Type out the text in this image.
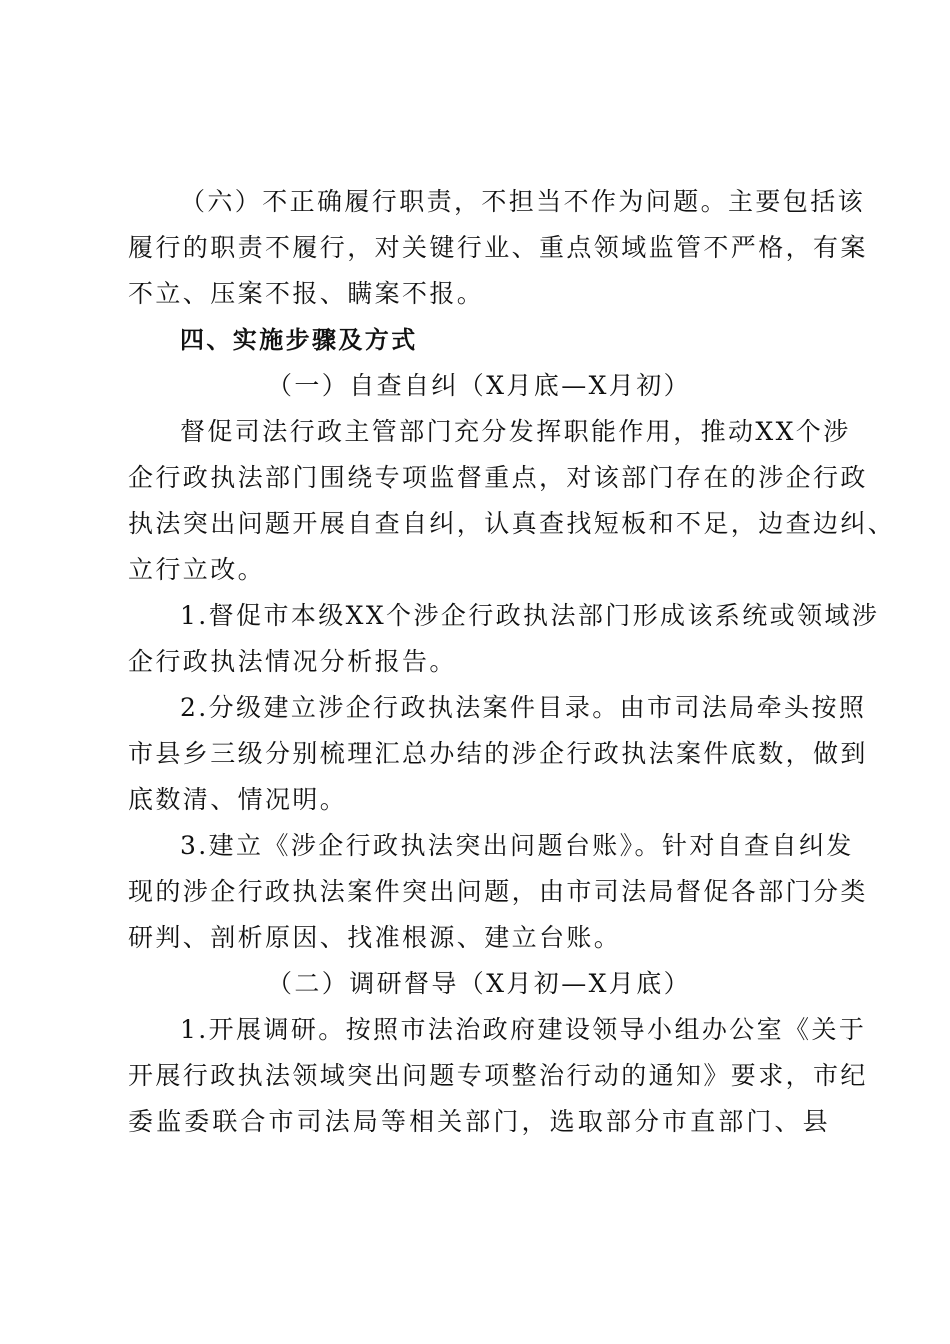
（六）不正确履行职责，不担当不作为问题。主要包括该
履行的职责不履行，对关键行业、重点领域监管不严格，有案
不立、压案不报、瞒案不报。
四、实施步骤及方式
（一）自查自纠（X月底—X月初）
督促司法行政主管部门充分发挥职能作用，推动XX个涉
企行政执法部门围绕专项监督重点，对该部门存在的涉企行政
执法突出问题开展自查自纠，认真查找短板和不足，边查边纠、
立行立改。
1.督促市本级XX个涉企行政执法部门形成该系统或领域涉
企行政执法情况分析报告。
2.分级建立涉企行政执法案件目录。由市司法局牵头按照
市县乡三级分别梳理汇总办结的涉企行政执法案件底数，做到
底数清、情况明。
3.建立《涉企行政执法突出问题台账》。针对自查自纠发
现的涉企行政执法案件突出问题，由市司法局督促各部门分类
研判、剖析原因、找准根源、建立台账。
（二）调研督导（X月初—X月底）
1.开展调研。按照市法治政府建设领导小组办公室《关于
开展行政执法领域突出问题专项整治行动的通知》要求，市纪
委监委联合市司法局等相关部门，选取部分市直部门、县
